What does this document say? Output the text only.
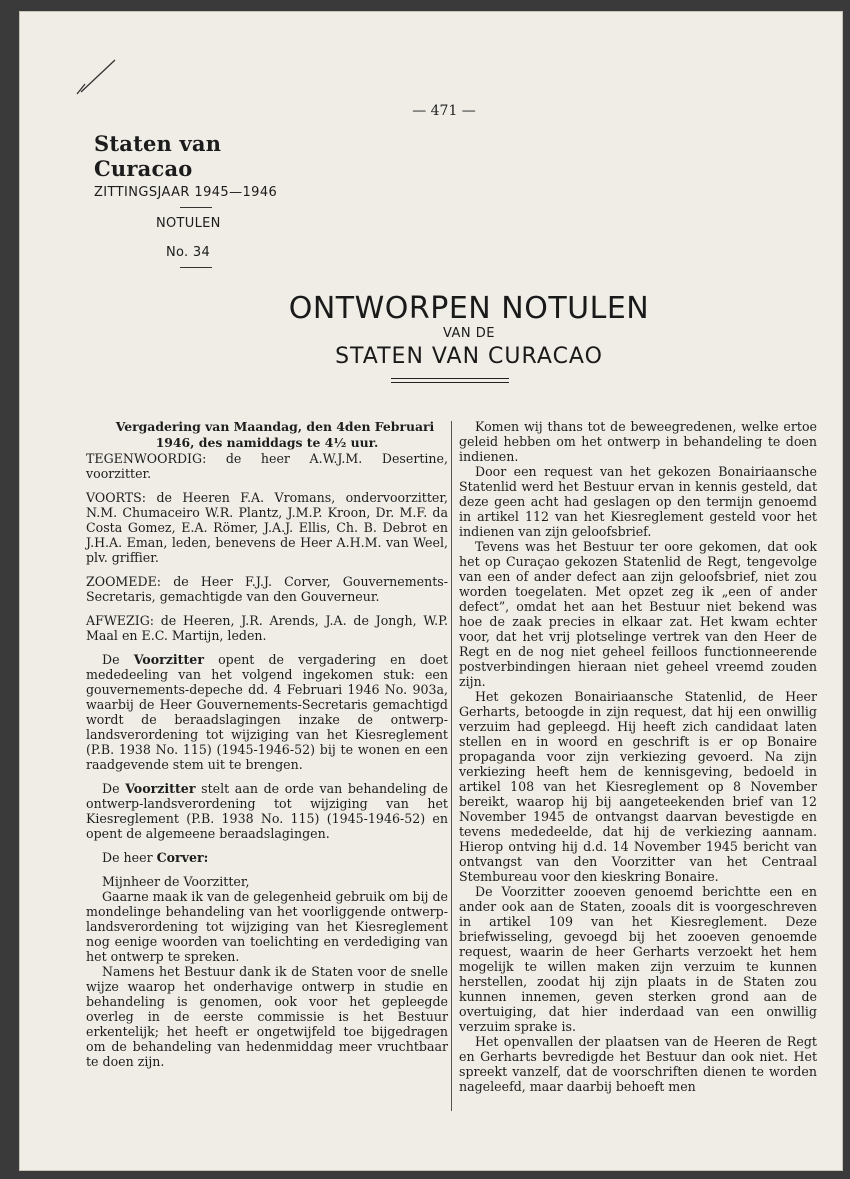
— 471 —
Staten van Curacao
ZITTINGSJAAR 1945—1946
NOTULEN
No. 34
ONTWORPEN NOTULEN
VAN DE
STATEN VAN CURACAO

Vergadering van Maandag, den 4den Februari 1946, des namiddags te 4½ uur.

TEGENWOORDIG: de heer A.W.J.M. Desertine, voorzitter.

VOORTS: de Heeren F.A. Vromans, ondervoorzitter, N.M. Chumaceiro W.R. Plantz, J.M.P. Kroon, Dr. M.F. da Costa Gomez, E.A. Römer, J.A.J. Ellis, Ch. B. Debrot en J.H.A. Eman, leden, benevens de Heer A.H.M. van Weel, plv. griffier.

ZOOMEDE: de Heer F.J.J. Corver, Gouvernements-Secretaris, gemachtigde van den Gouverneur.

AFWEZIG: de Heeren, J.R. Arends, J.A. de Jongh, W.P. Maal en E.C. Martijn, leden.

De Voorzitter opent de vergadering en doet mededeeling van het volgend ingekomen stuk: een gouvernements-depeche dd. 4 Februari 1946 No. 903a, waarbij de Heer Gouvernements-Secretaris gemachtigd wordt de beraadslagingen inzake de ontwerp-landsverordening tot wijziging van het Kiesreglement (P.B. 1938 No. 115) (1945-1946-52) bij te wonen en een raadgevende stem uit te brengen.

De Voorzitter stelt aan de orde van behandeling de ontwerp-landsverordening tot wijziging van het Kiesreglement (P.B. 1938 No. 115) (1945-1946-52) en opent de algemeene beraadslagingen.

De heer Corver:

Mijnheer de Voorzitter,

Gaarne maak ik van de gelegenheid gebruik om bij de mondelinge behandeling van het voorliggende ontwerp-landsverordening tot wijziging van het Kiesreglement nog eenige woorden van toelichting en verdediging van het ontwerp te spreken.

Namens het Bestuur dank ik de Staten voor de snelle wijze waarop het onderhavige ontwerp in studie en behandeling is genomen, ook voor het gepleegde overleg in de eerste commissie is het Bestuur erkentelijk; het heeft er ongetwijfeld toe bijgedragen om de behandeling van hedenmiddag meer vruchtbaar te doen zijn.

Komen wij thans tot de beweegredenen, welke ertoe geleid hebben om het ontwerp in behandeling te doen indienen.

Door een request van het gekozen Bonairiaansche Statenlid werd het Bestuur ervan in kennis gesteld, dat deze geen acht had geslagen op den termijn genoemd in artikel 112 van het Kiesreglement gesteld voor het indienen van zijn geloofsbrief.

Tevens was het Bestuur ter oore gekomen, dat ook het op Curaçao gekozen Statenlid de Regt, tengevolge van een of ander defect aan zijn geloofsbrief, niet zou worden toegelaten. Met opzet zeg ik „een of ander defect”, omdat het aan het Bestuur niet bekend was hoe de zaak precies in elkaar zat. Het kwam echter voor, dat het vrij plotselinge vertrek van den Heer de Regt en de nog niet geheel feilloos functionneerende postverbindingen hieraan niet geheel vreemd zouden zijn.

Het gekozen Bonairiaansche Statenlid, de Heer Gerharts, betoogde in zijn request, dat hij een onwillig verzuim had gepleegd. Hij heeft zich candidaat laten stellen en in woord en geschrift is er op Bonaire propaganda voor zijn verkiezing gevoerd. Na zijn verkiezing heeft hem de kennisgeving, bedoeld in artikel 108 van het Kiesreglement op 8 November bereikt, waarop hij bij aangeteekenden brief van 12 November 1945 de ontvangst daarvan bevestigde en tevens mededeelde, dat hij de verkiezing aannam. Hierop ontving hij d.d. 14 November 1945 bericht van ontvangst van den Voorzitter van het Centraal Stembureau voor den kieskring Bonaire.

De Voorzitter zooeven genoemd berichtte een en ander ook aan de Staten, zooals dit is voorgeschreven in artikel 109 van het Kiesreglement. Deze briefwisseling, gevoegd bij het zooeven genoemde request, waarin de heer Gerharts verzoekt het hem mogelijk te willen maken zijn verzuim te kunnen herstellen, zoodat hij zijn plaats in de Staten zou kunnen innemen, geven sterken grond aan de overtuiging, dat hier inderdaad van een onwillig verzuim sprake is.

Het openvallen der plaatsen van de Heeren de Regt en Gerharts bevredigde het Bestuur dan ook niet. Het spreekt vanzelf, dat de voorschriften dienen te worden nageleefd, maar daarbij behoeft men
